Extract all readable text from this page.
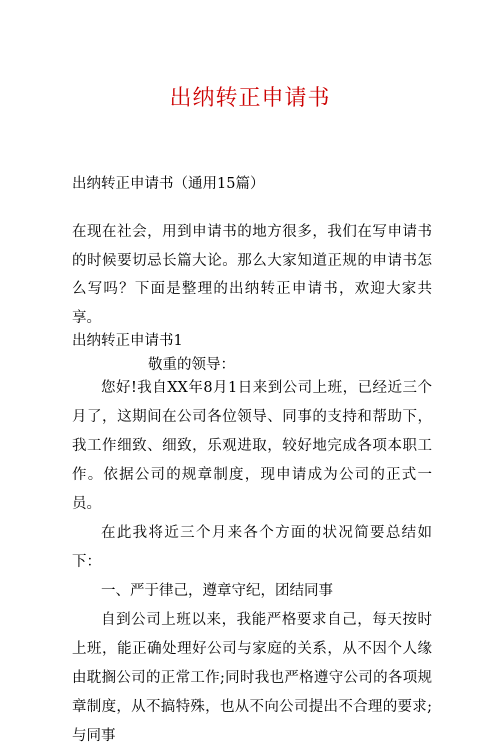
出纳转正申请书
出纳转正申请书（通用15篇）
在现在社会，用到申请书的地方很多，我们在写申请书的时候要切忌长篇大论。那么大家知道正规的申请书怎么写吗？下面是整理的出纳转正申请书，欢迎大家共享。
出纳转正申请书1
敬重的领导：

您好!我自XX年8月1日来到公司上班，已经近三个月了，这期间在公司各位领导、同事的支持和帮助下，我工作细致、细致，乐观进取，较好地完成各项本职工作。依据公司的规章制度，现申请成为公司的正式一员。

在此我将近三个月来各个方面的状况简要总结如下：

一、严于律己，遵章守纪，团结同事

自到公司上班以来，我能严格要求自己，每天按时上班，能正确处理好公司与家庭的关系，从不因个人缘由耽搁公司的正常工作;同时我也严格遵守公司的各项规章制度，从不搞特殊，也从不向公司提出不合理的要求;与同事
